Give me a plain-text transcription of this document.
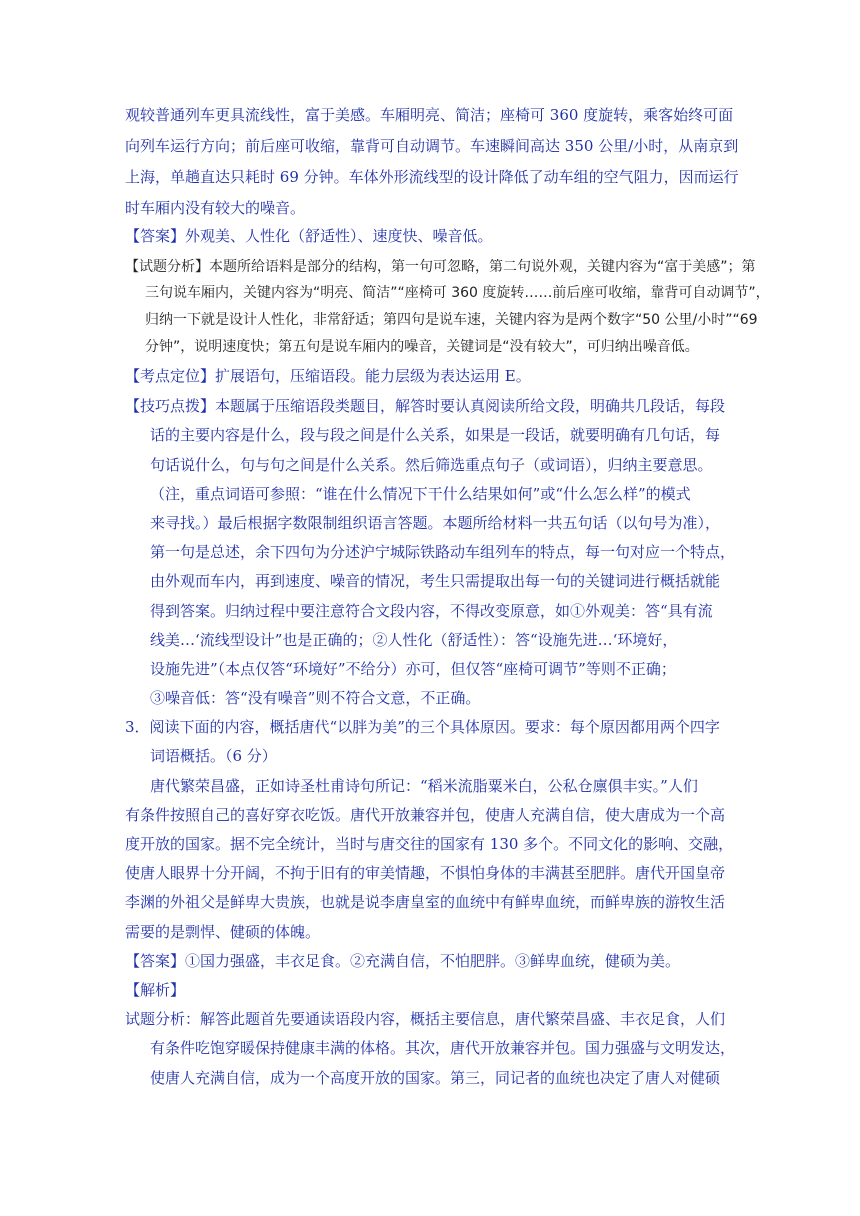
观较普通列车更具流线性，富于美感。车厢明亮、简洁；座椅可 360 度旋转，乘客始终可面
向列车运行方向；前后座可收缩，靠背可自动调节。车速瞬间高达 350 公里/小时，从南京到
上海，单趟直达只耗时 69 分钟。车体外形流线型的设计降低了动车组的空气阻力，因而运行
时车厢内没有较大的噪音。
【答案】外观美、人性化（舒适性）、速度快、噪音低。
【试题分析】本题所给语料是部分的结构，第一句可忽略，第二句说外观，关键内容为“富于美感”；第
三句说车厢内，关键内容为“明亮、简洁”“座椅可 360 度旋转……前后座可收缩，靠背可自动调节”，
归纳一下就是设计人性化，非常舒适；第四句是说车速，关键内容为是两个数字“50 公里/小时”“69
分钟”，说明速度快；第五句是说车厢内的噪音，关键词是“没有较大”，可归纳出噪音低。
【考点定位】扩展语句，压缩语段。能力层级为表达运用 E。
【技巧点拨】本题属于压缩语段类题目，解答时要认真阅读所给文段，明确共几段话，每段
话的主要内容是什么，段与段之间是什么关系，如果是一段话，就要明确有几句话，每
句话说什么，句与句之间是什么关系。然后筛选重点句子（或词语），归纳主要意思。
（注，重点词语可参照：“谁在什么情况下干什么结果如何”或“什么怎么样”的模式
来寻找。）最后根据字数限制组织语言答题。本题所给材料一共五句话（以句号为准），
第一句是总述，余下四句为分述沪宁城际铁路动车组列车的特点，每一句对应一个特点，
由外观而车内，再到速度、噪音的情况，考生只需提取出每一句的关键词进行概括就能
得到答案。归纳过程中要注意符合文段内容，不得改变原意，如①外观美：答“具有流
线美…‘流线型设计”也是正确的；②人性化（舒适性）：答“设施先进…‘环境好，
设施先进”（本点仅答“环境好”不给分）亦可，但仅答“座椅可调节”等则不正确；
③噪音低：答“没有噪音”则不符合文意，不正确。
3．阅读下面的内容，概括唐代“以胖为美”的三个具体原因。要求：每个原因都用两个四字
词语概括。（6 分）
唐代繁荣昌盛，正如诗圣杜甫诗句所记：“稻米流脂粟米白，公私仓廪俱丰实。”人们
有条件按照自己的喜好穿衣吃饭。唐代开放兼容并包，使唐人充满自信，使大唐成为一个高
度开放的国家。据不完全统计，当时与唐交往的国家有 130 多个。不同文化的影响、交融，
使唐人眼界十分开阔，不拘于旧有的审美情趣，不惧怕身体的丰满甚至肥胖。唐代开国皇帝
李渊的外祖父是鲜卑大贵族，也就是说李唐皇室的血统中有鲜卑血统，而鲜卑族的游牧生活
需要的是剽悍、健硕的体魄。
【答案】①国力强盛，丰衣足食。②充满自信，不怕肥胖。③鲜卑血统，健硕为美。
【解析】
试题分析：解答此题首先要通读语段内容，概括主要信息，唐代繁荣昌盛、丰衣足食，人们
有条件吃饱穿暖保持健康丰满的体格。其次，唐代开放兼容并包。国力强盛与文明发达，
使唐人充满自信，成为一个高度开放的国家。第三，同记者的血统也决定了唐人对健硕
